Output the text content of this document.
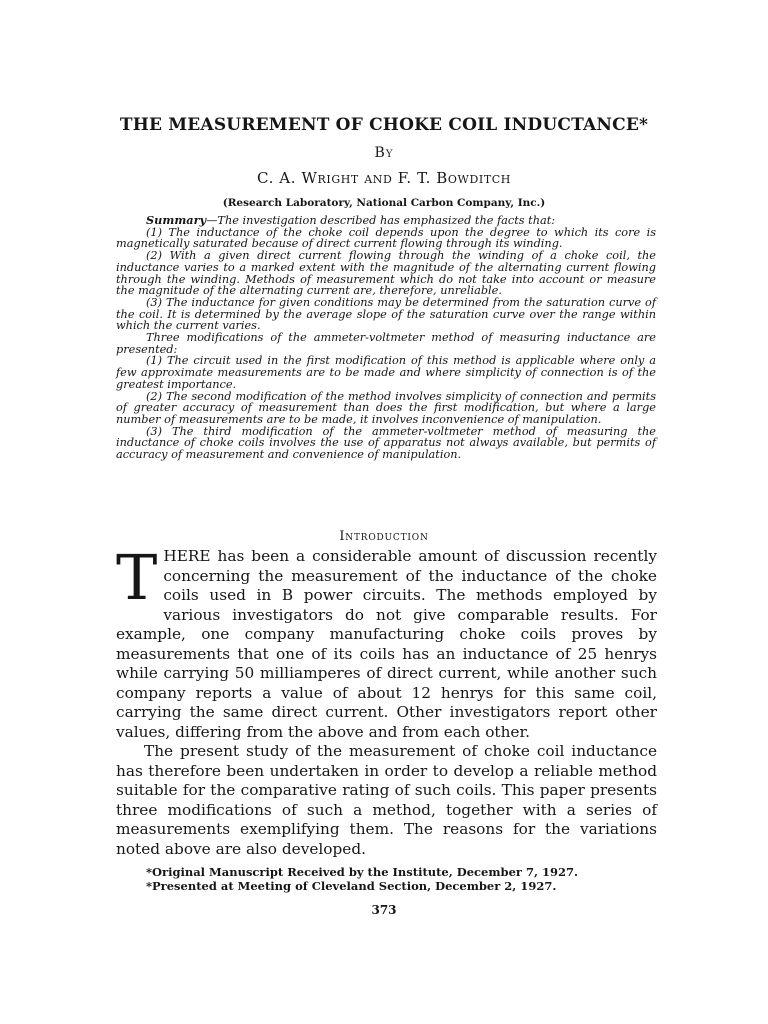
THE MEASUREMENT OF CHOKE COIL INDUCTANCE*
By
C. A. Wright and F. T. Bowditch
(Research Laboratory, National Carbon Company, Inc.)

Summary—The investigation described has emphasized the facts that:

(1) The inductance of the choke coil depends upon the degree to which its core is magnetically saturated because of direct current flowing through its winding.

(2) With a given direct current flowing through the winding of a choke coil, the inductance varies to a marked extent with the magnitude of the alternating current flowing through the winding. Methods of measurement which do not take into account or measure the magnitude of the alternating current are, therefore, unreliable.

(3) The inductance for given conditions may be determined from the saturation curve of the coil. It is determined by the average slope of the saturation curve over the range within which the current varies.

Three modifications of the ammeter-voltmeter method of measuring inductance are presented:

(1) The circuit used in the first modification of this method is applicable where only a few approximate measurements are to be made and where simplicity of connection is of the greatest importance.

(2) The second modification of the method involves simplicity of connection and permits of greater accuracy of measurement than does the first modification, but where a large number of measurements are to be made, it involves inconvenience of manipulation.

(3) The third modification of the ammeter-voltmeter method of measuring the inductance of choke coils involves the use of apparatus not always available, but permits of accuracy of measurement and convenience of manipulation.

Introduction

THERE has been a considerable amount of discussion recently concerning the measurement of the inductance of the choke coils used in B power circuits. The methods employed by various investigators do not give comparable results. For example, one company manufacturing choke coils proves by measurements that one of its coils has an inductance of 25 henrys while carrying 50 milliamperes of direct current, while another such company reports a value of about 12 henrys for this same coil, carrying the same direct current. Other investigators report other values, differing from the above and from each other.

The present study of the measurement of choke coil inductance has therefore been undertaken in order to develop a reliable method suitable for the comparative rating of such coils. This paper presents three modifications of such a method, together with a series of measurements exemplifying them. The reasons for the variations noted above are also developed.

*Original Manuscript Received by the Institute, December 7, 1927.
*Presented at Meeting of Cleveland Section, December 2, 1927.
373
